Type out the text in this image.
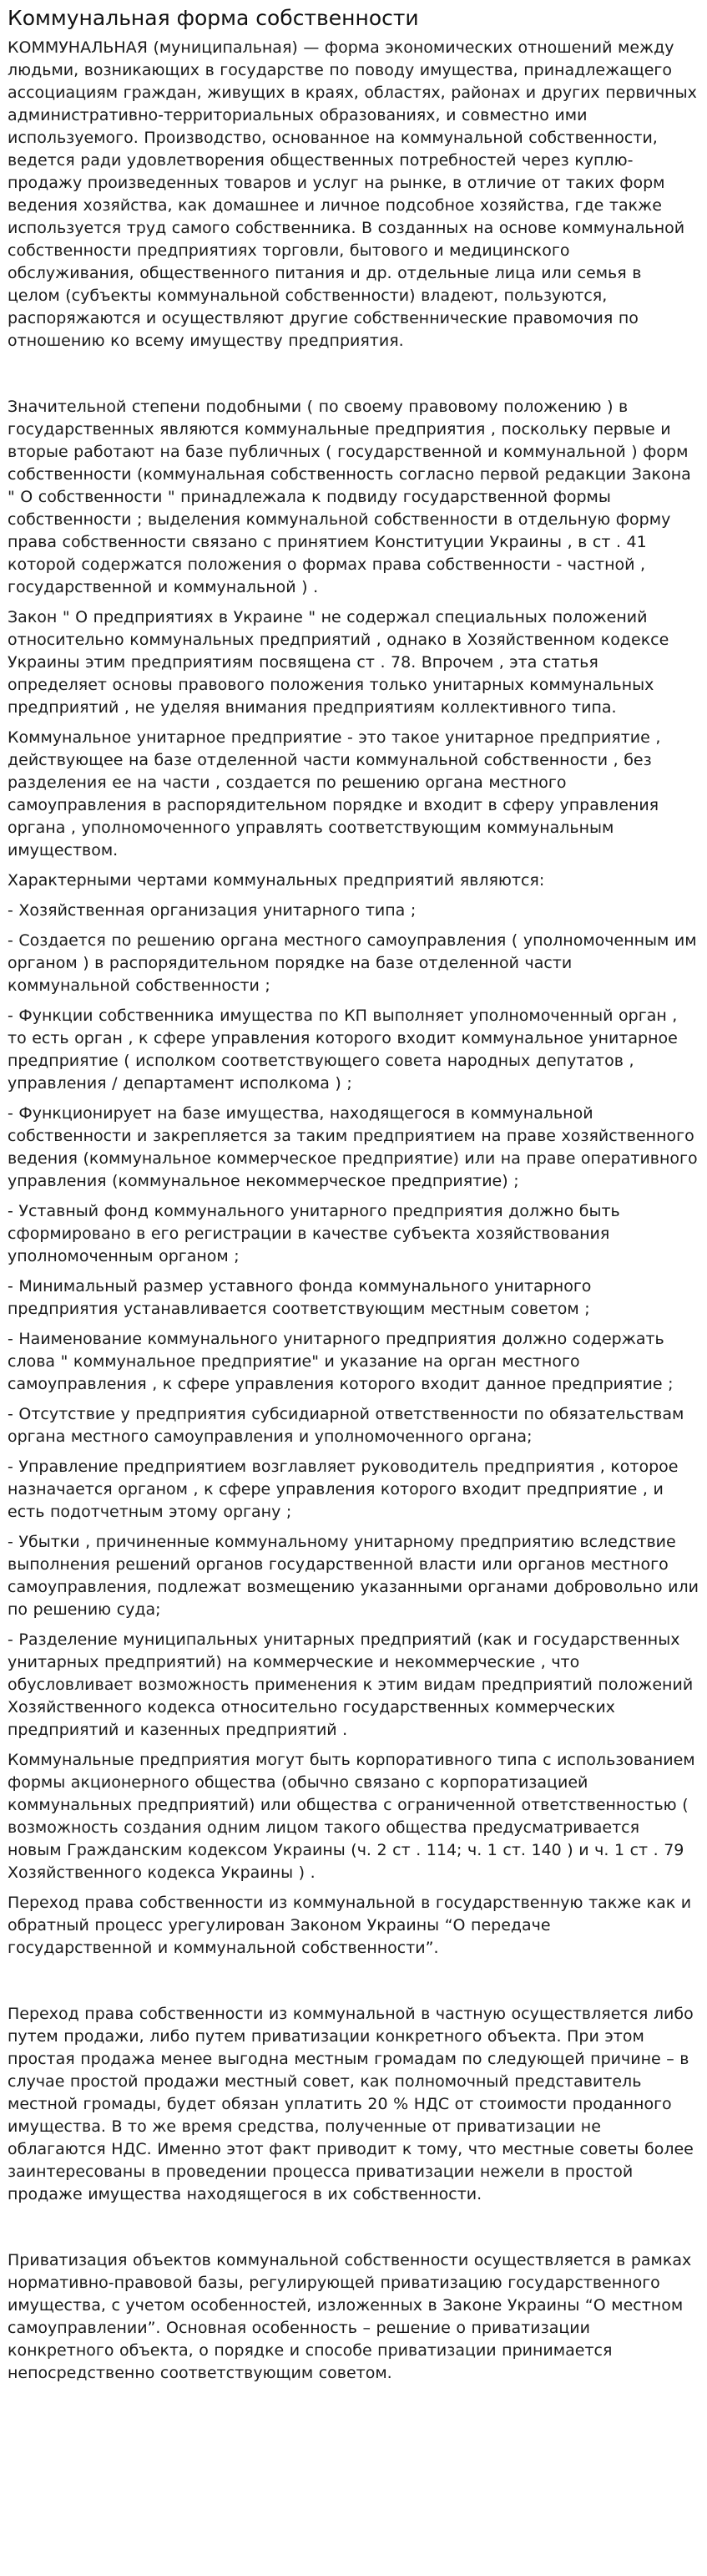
Коммунальная форма собственности

КОММУНАЛЬНАЯ (муниципальная) — форма экономических отношений между людьми, возникающих в государстве по поводу имущества, принадлежащего ассоциациям граждан, живущих в краях, областях, районах и других первичных административно-территориальных образованиях, и совместно ими используемого. Производство, основанное на коммунальной собственности, ведется ради удовлетворения общественных потребностей через куплю-продажу произведенных товаров и услуг на рынке, в отличие от таких форм ведения хозяйства, как домашнее и личное подсобное хозяйства, где также используется труд самого собственника. В созданных на основе коммунальной собственности предприятиях торговли, бытового и медицинского обслуживания, общественного питания и др. отдельные лица или семья в целом (субъекты коммунальной собственности) владеют, пользуются, распоряжаются и осуществляют другие собственнические правомочия по отношению ко всему имуществу предприятия.

Значительной степени подобными ( по своему правовому положению ) в государственных являются коммунальные предприятия , поскольку первые и вторые работают на базе публичных ( государственной и коммунальной ) форм собственности (коммунальная собственность согласно первой редакции Закона " О собственности " принадлежала к подвиду государственной формы собственности ; выделения коммунальной собственности в отдельную форму права собственности связано с принятием Конституции Украины , в ст . 41 которой содержатся положения о формах права собственности - частной , государственной и коммунальной ) .

Закон " О предприятиях в Украине " не содержал специальных положений относительно коммунальных предприятий , однако в Хозяйственном кодексе Украины этим предприятиям посвящена ст . 78. Впрочем , эта статья определяет основы правового положения только унитарных коммунальных предприятий , не уделяя внимания предприятиям коллективного типа.

Коммунальное унитарное предприятие - это такое унитарное предприятие , действующее на базе отделенной части коммунальной собственности , без разделения ее на части , создается по решению органа местного самоуправления в распорядительном порядке и входит в сферу управления органа , уполномоченного управлять соответствующим коммунальным имуществом.

Характерными чертами коммунальных предприятий являются:

- Хозяйственная организация унитарного типа ;

- Создается по решению органа местного самоуправления ( уполномоченным им органом ) в распорядительном порядке на базе отделенной части коммунальной собственности ;

- Функции собственника имущества по КП выполняет уполномоченный орган , то есть орган , к сфере управления которого входит коммунальное унитарное предприятие ( исполком соответствующего совета народных депутатов , управления / департамент исполкома ) ;

- Функционирует на базе имущества, находящегося в коммунальной собственности и закрепляется за таким предприятием на праве хозяйственного ведения (коммунальное коммерческое предприятие) или на праве оперативного управления (коммунальное некоммерческое предприятие) ;

- Уставный фонд коммунального унитарного предприятия должно быть сформировано в его регистрации в качестве субъекта хозяйствования уполномоченным органом ;

- Минимальный размер уставного фонда коммунального унитарного предприятия устанавливается соответствующим местным советом ;

- Наименование коммунального унитарного предприятия должно содержать слова " коммунальное предприятие" и указание на орган местного самоуправления , к сфере управления которого входит данное предприятие ;

- Отсутствие у предприятия субсидиарной ответственности по обязательствам органа местного самоуправления и уполномоченного органа;

- Управление предприятием возглавляет руководитель предприятия , которое назначается органом , к сфере управления которого входит предприятие , и есть подотчетным этому органу ;

- Убытки , причиненные коммунальному унитарному предприятию вследствие выполнения решений органов государственной власти или органов местного самоуправления, подлежат возмещению указанными органами добровольно или по решению суда;

- Разделение муниципальных унитарных предприятий (как и государственных унитарных предприятий) на коммерческие и некоммерческие , что обусловливает возможность применения к этим видам предприятий положений Хозяйственного кодекса относительно государственных коммерческих предприятий и казенных предприятий .

Коммунальные предприятия могут быть корпоративного типа с использованием формы акционерного общества (обычно связано с корпоратизацией коммунальных предприятий) или общества с ограниченной ответственностью ( возможность создания одним лицом такого общества предусматривается новым Гражданским кодексом Украины (ч. 2 ст . 114; ч. 1 ст. 140 ) и ч. 1 ст . 79 Хозяйственного кодекса Украины ) .

Переход права собственности из коммунальной в государственную также как и обратный процесс урегулирован Законом Украины “О передаче государственной и коммунальной собственности”.

Переход права собственности из коммунальной в частную осуществляется либо путем продажи, либо путем приватизации конкретного объекта. При этом простая продажа менее выгодна местным громадам по следующей причине – в случае простой продажи местный совет, как полномочный представитель местной громады, будет обязан уплатить 20 % НДС от стоимости проданного имущества. В то же время средства, полученные от приватизации не облагаются НДС. Именно этот факт приводит к тому, что местные советы более заинтересованы в проведении процесса приватизации нежели в простой продаже имущества находящегося в их собственности.

Приватизация объектов коммунальной собственности осуществляется в рамках нормативно-правовой базы, регулирующей приватизацию государственного имущества, с учетом особенностей, изложенных в Законе Украины “О местном самоуправлении”. Основная особенность – решение о приватизации конкретного объекта, о порядке и способе приватизации принимается непосредственно соответствующим советом.
